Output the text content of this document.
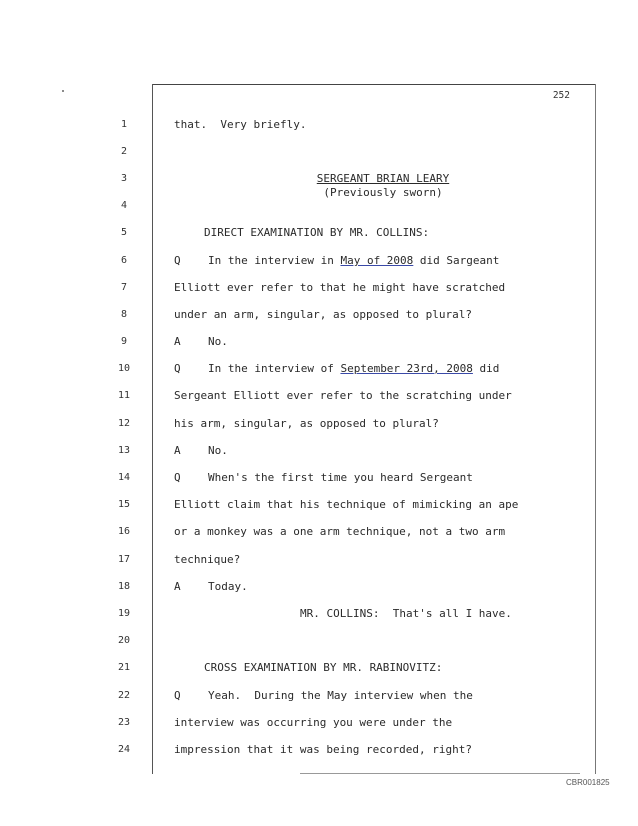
252
1
2
3
4
5
6
7
8
9
10
11
12
13
14
15
16
17
18
19
20
21
22
23
24
that.  Very briefly.
SERGEANT BRIAN LEARY
(Previously sworn)
DIRECT EXAMINATION BY MR. COLLINS:
Q In the interview in May of 2008 did Sargeant
Elliott ever refer to that he might have scratched
under an arm, singular, as opposed to plural?
A No.
Q In the interview of September 23rd, 2008 did
Sergeant Elliott ever refer to the scratching under
his arm, singular, as opposed to plural?
A No.
Q When's the first time you heard Sergeant
Elliott claim that his technique of mimicking an ape
or a monkey was a one arm technique, not a two arm
technique?
A Today.
MR. COLLINS:  That's all I have.
CROSS EXAMINATION BY MR. RABINOVITZ:
Q Yeah.  During the May interview when the
interview was occurring you were under the
impression that it was being recorded, right?
CBR001825
